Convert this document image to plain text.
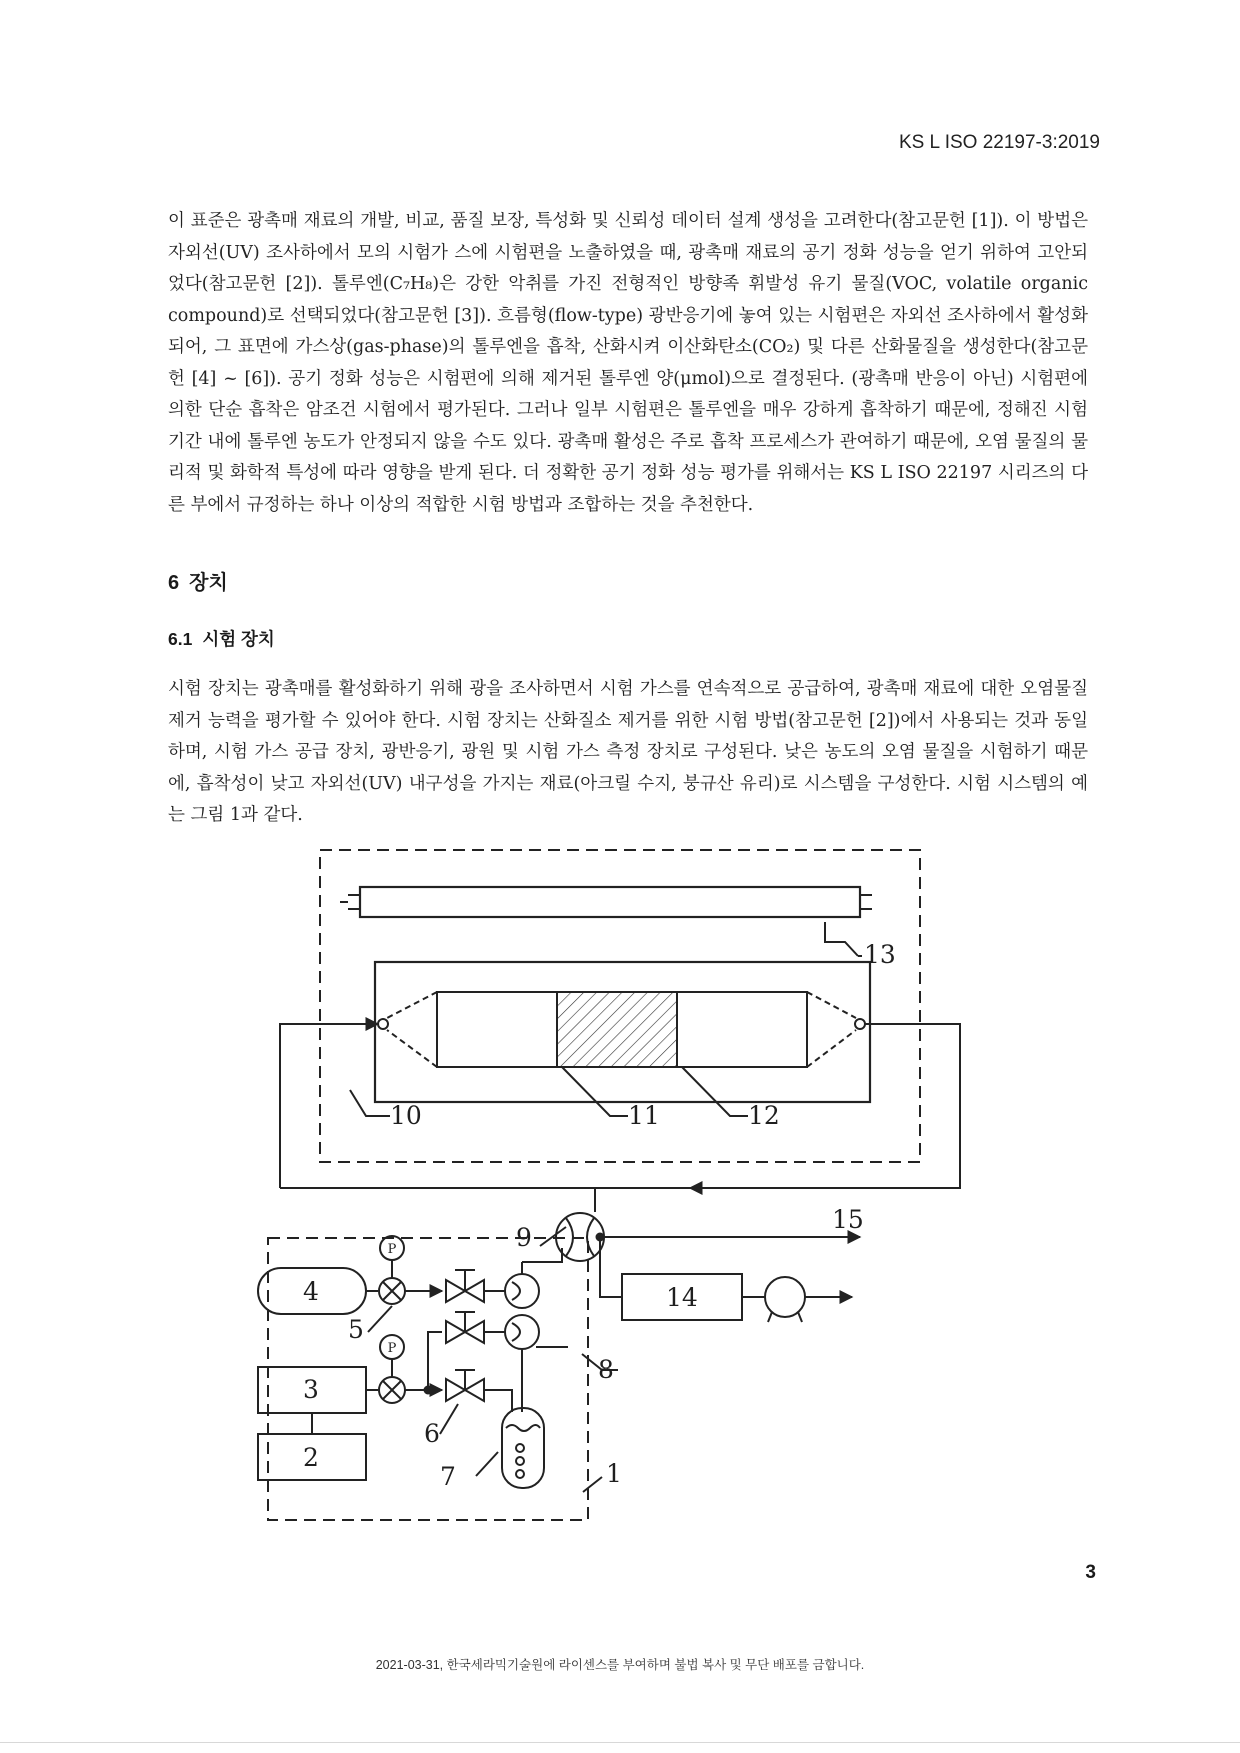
KS L ISO 22197-3:2019

이 표준은 광촉매 재료의 개발, 비교, 품질 보장, 특성화 및 신뢰성 데이터 설계 생성을 고려한다(참고문헌 [1]). 이 방법은 자외선(UV) 조사하에서 모의 시험가 스에 시험편을 노출하였을 때, 광촉매 재료의 공기 정화 성능을 얻기 위하여 고안되었다(참고문헌 [2]). 톨루엔(C₇H₈)은 강한 악취를 가진 전형적인 방향족 휘발성 유기 물질(VOC, volatile organic compound)로 선택되었다(참고문헌 [3]). 흐름형(flow-type) 광반응기에 놓여 있는 시험편은 자외선 조사하에서 활성화되어, 그 표면에 가스상(gas-phase)의 톨루엔을 흡착, 산화시켜 이산화탄소(CO₂) 및 다른 산화물질을 생성한다(참고문헌 [4] ~ [6]). 공기 정화 성능은 시험편에 의해 제거된 톨루엔 양(μmol)으로 결정된다. (광촉매 반응이 아닌) 시험편에 의한 단순 흡착은 암조건 시험에서 평가된다. 그러나 일부 시험편은 톨루엔을 매우 강하게 흡착하기 때문에, 정해진 시험 기간 내에 톨루엔 농도가 안정되지 않을 수도 있다. 광촉매 활성은 주로 흡착 프로세스가 관여하기 때문에, 오염 물질의 물리적 및 화학적 특성에 따라 영향을 받게 된다. 더 정확한 공기 정화 성능 평가를 위해서는 KS L ISO 22197 시리즈의 다른 부에서 규정하는 하나 이상의 적합한 시험 방법과 조합하는 것을 추천한다.

6 장치
6.1 시험 장치

시험 장치는 광촉매를 활성화하기 위해 광을 조사하면서 시험 가스를 연속적으로 공급하여, 광촉매 재료에 대한 오염물질 제거 능력을 평가할 수 있어야 한다. 시험 장치는 산화질소 제거를 위한 시험 방법(참고문헌 [2])에서 사용되는 것과 동일하며, 시험 가스 공급 장치, 광반응기, 광원 및 시험 가스 측정 장치로 구성된다. 낮은 농도의 오염 물질을 시험하기 때문에, 흡착성이 낮고 자외선(UV) 내구성을 가지는 재료(아크릴 수지, 붕규산 유리)로 시스템을 구성한다. 시험 시스템의 예는 그림 1과 같다.

13
10	11	12
9
15
4	14
5
3
8
6
2
7	1
P
P
3
2021-03-31, 한국세라믹기술원에 라이센스를 부여하며 불법 복사 및 무단 배포를 금합니다.
